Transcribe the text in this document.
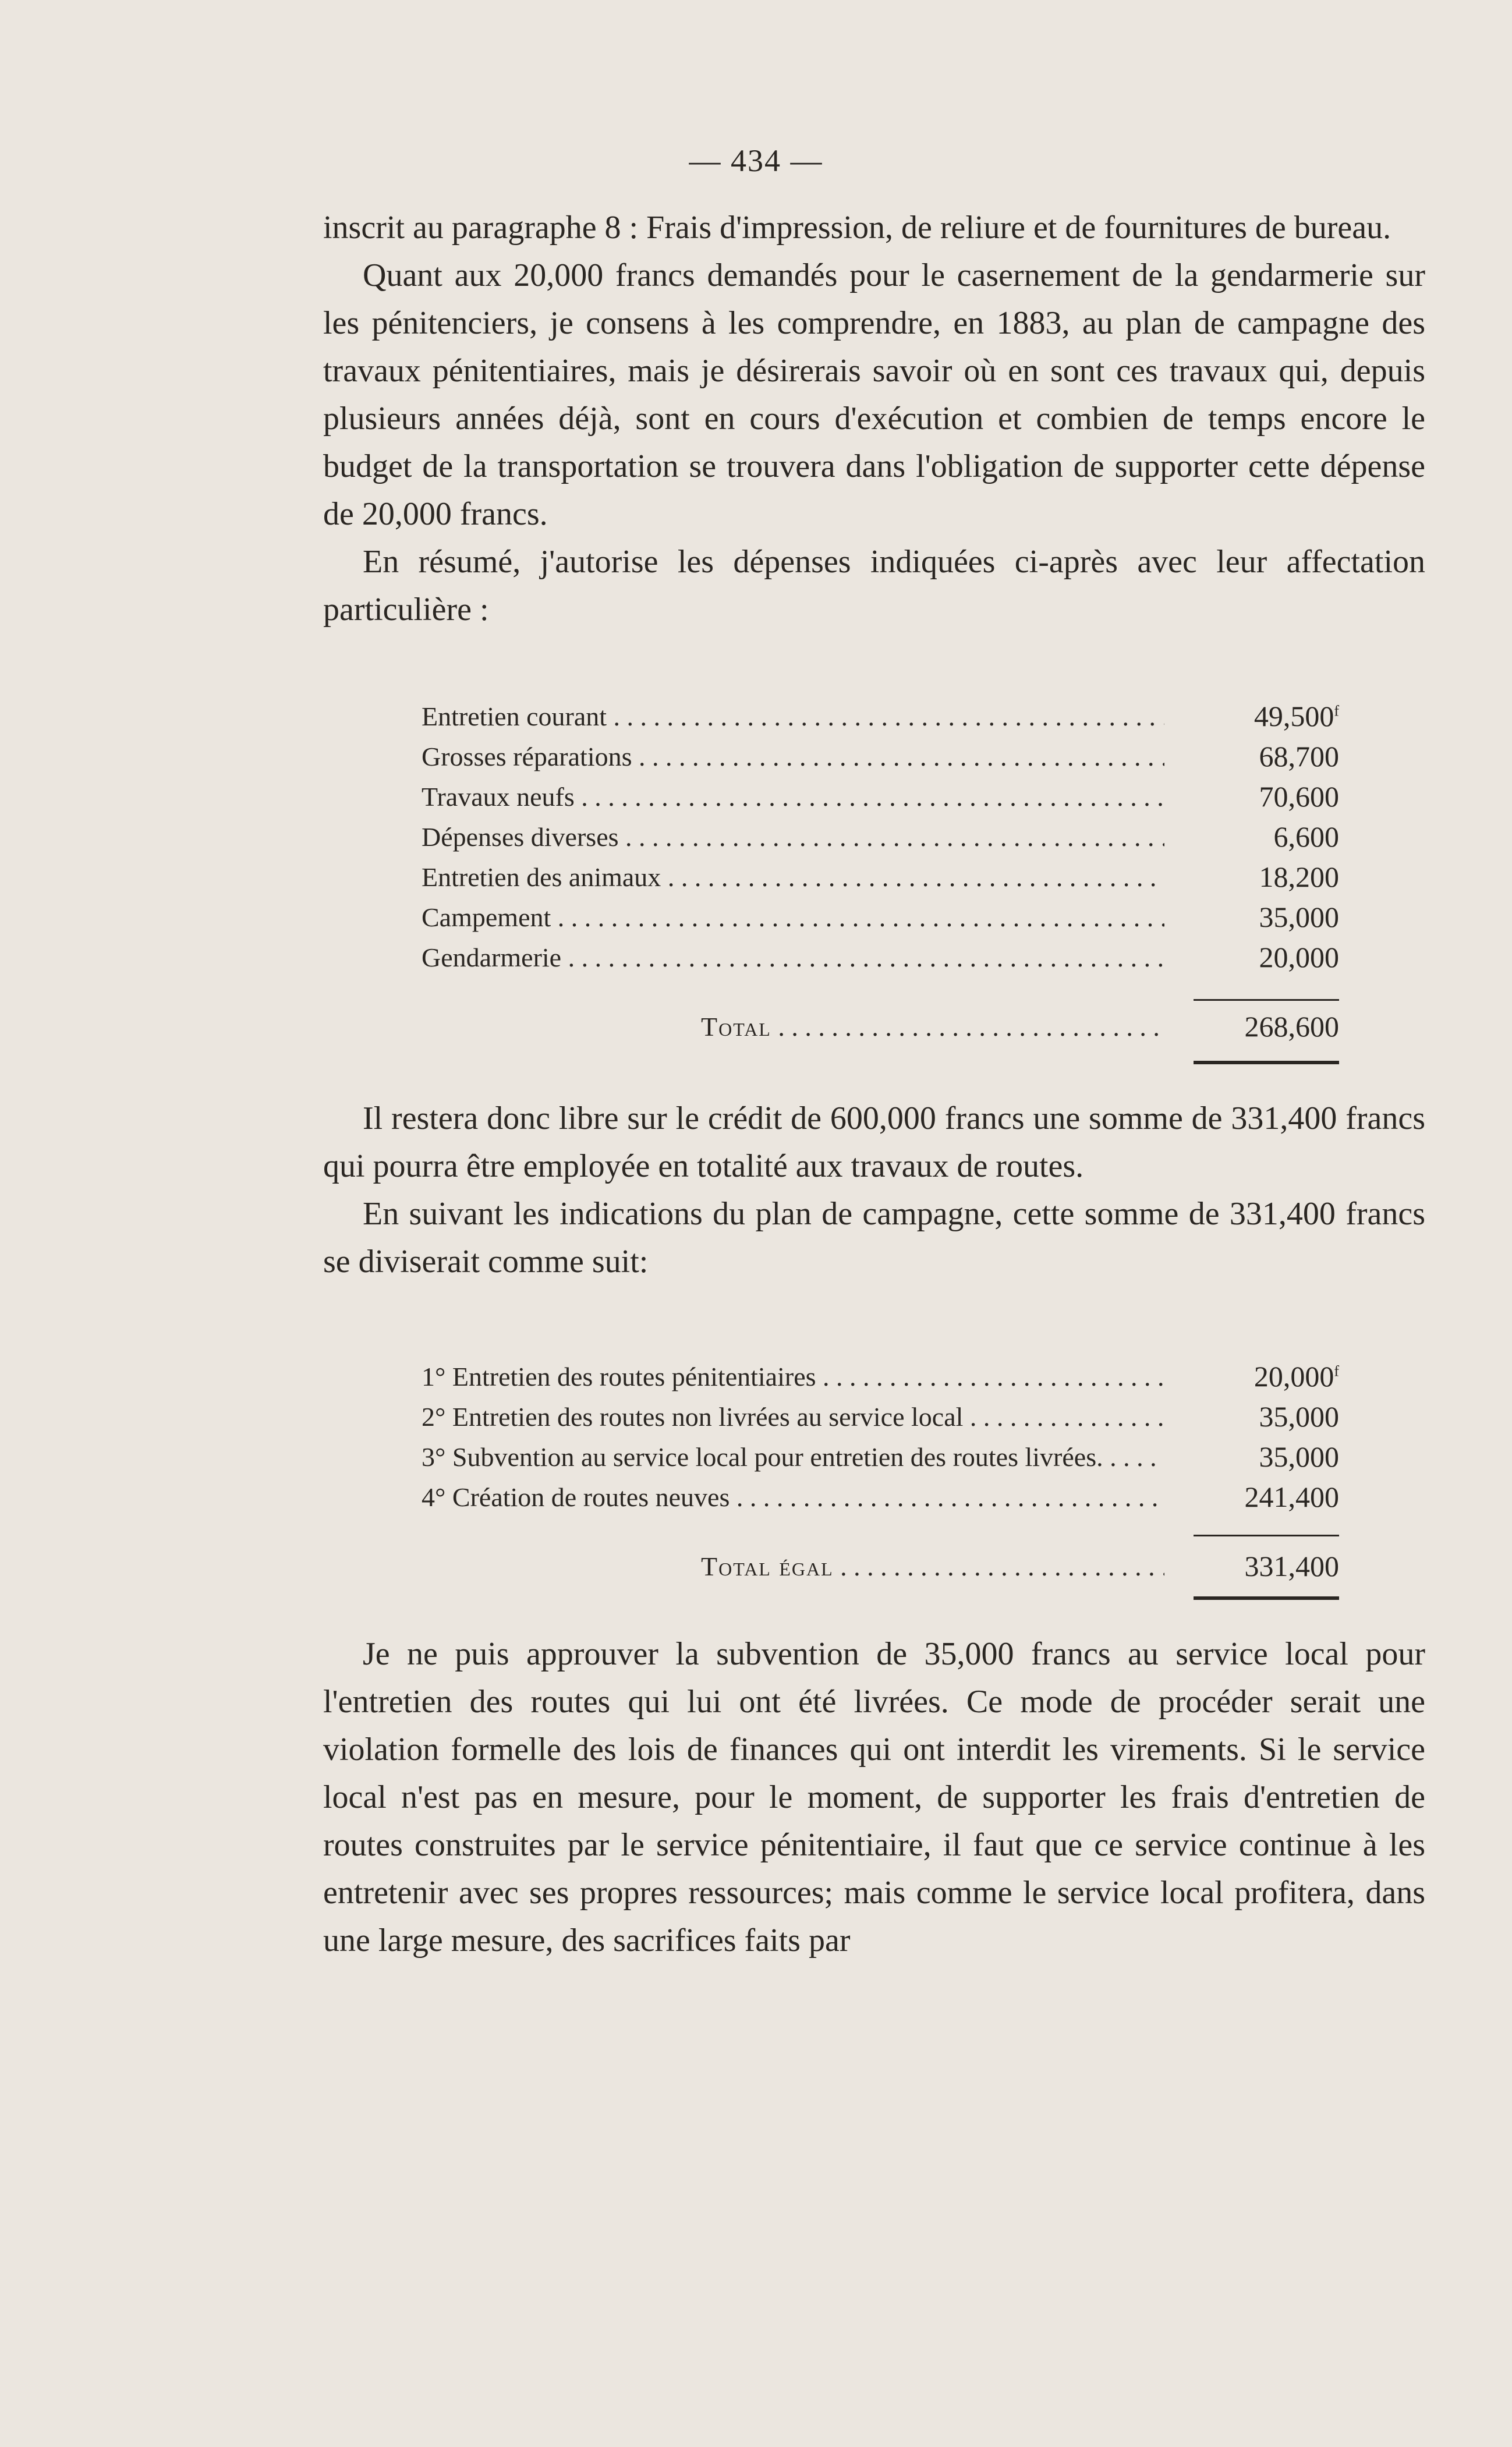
— 434 —

inscrit au paragraphe 8 : Frais d'impression, de reliure et de fournitures de bureau.

Quant aux 20,000 francs demandés pour le casernement de la gendarmerie sur les pénitenciers, je consens à les comprendre, en 1883, au plan de campagne des travaux pénitentiaires, mais je désirerais savoir où en sont ces travaux qui, depuis plusieurs années déjà, sont en cours d'exécution et combien de temps encore le budget de la transportation se trouvera dans l'obligation de supporter cette dépense de 20,000 francs.

En résumé, j'autorise les dépenses indiquées ci-après avec leur affectation particulière :

Entretien courant . . .	49,500$^f$
Grosses réparations . . .	68,700
Travaux neufs . . .	70,600
Dépenses diverses . . .	6,600
Entretien des animaux . . .	18,200
Campement . . .	35,000
Gendarmerie . . .	20,000
Total . . .	268,600

Il restera donc libre sur le crédit de 600,000 francs une somme de 331,400 francs qui pourra être employée en totalité aux travaux de routes.

En suivant les indications du plan de campagne, cette somme de 331,400 francs se diviserait comme suit:

1° Entretien des routes pénitentiaires . . .	20,000$^f$
2° Entretien des routes non livrées au service local . . .	35,000
3° Subvention au service local pour entretien des routes livrées. . . .	35,000
4° Création de routes neuves . . .	241,400
Total égal . . .	331,400

Je ne puis approuver la subvention de 35,000 francs au service local pour l'entretien des routes qui lui ont été livrées. Ce mode de procéder serait une violation formelle des lois de finances qui ont interdit les virements. Si le service local n'est pas en mesure, pour le moment, de supporter les frais d'entretien de routes construites par le service pénitentiaire, il faut que ce service continue à les entretenir avec ses propres ressources; mais comme le service local profitera, dans une large mesure, des sacrifices faits par
